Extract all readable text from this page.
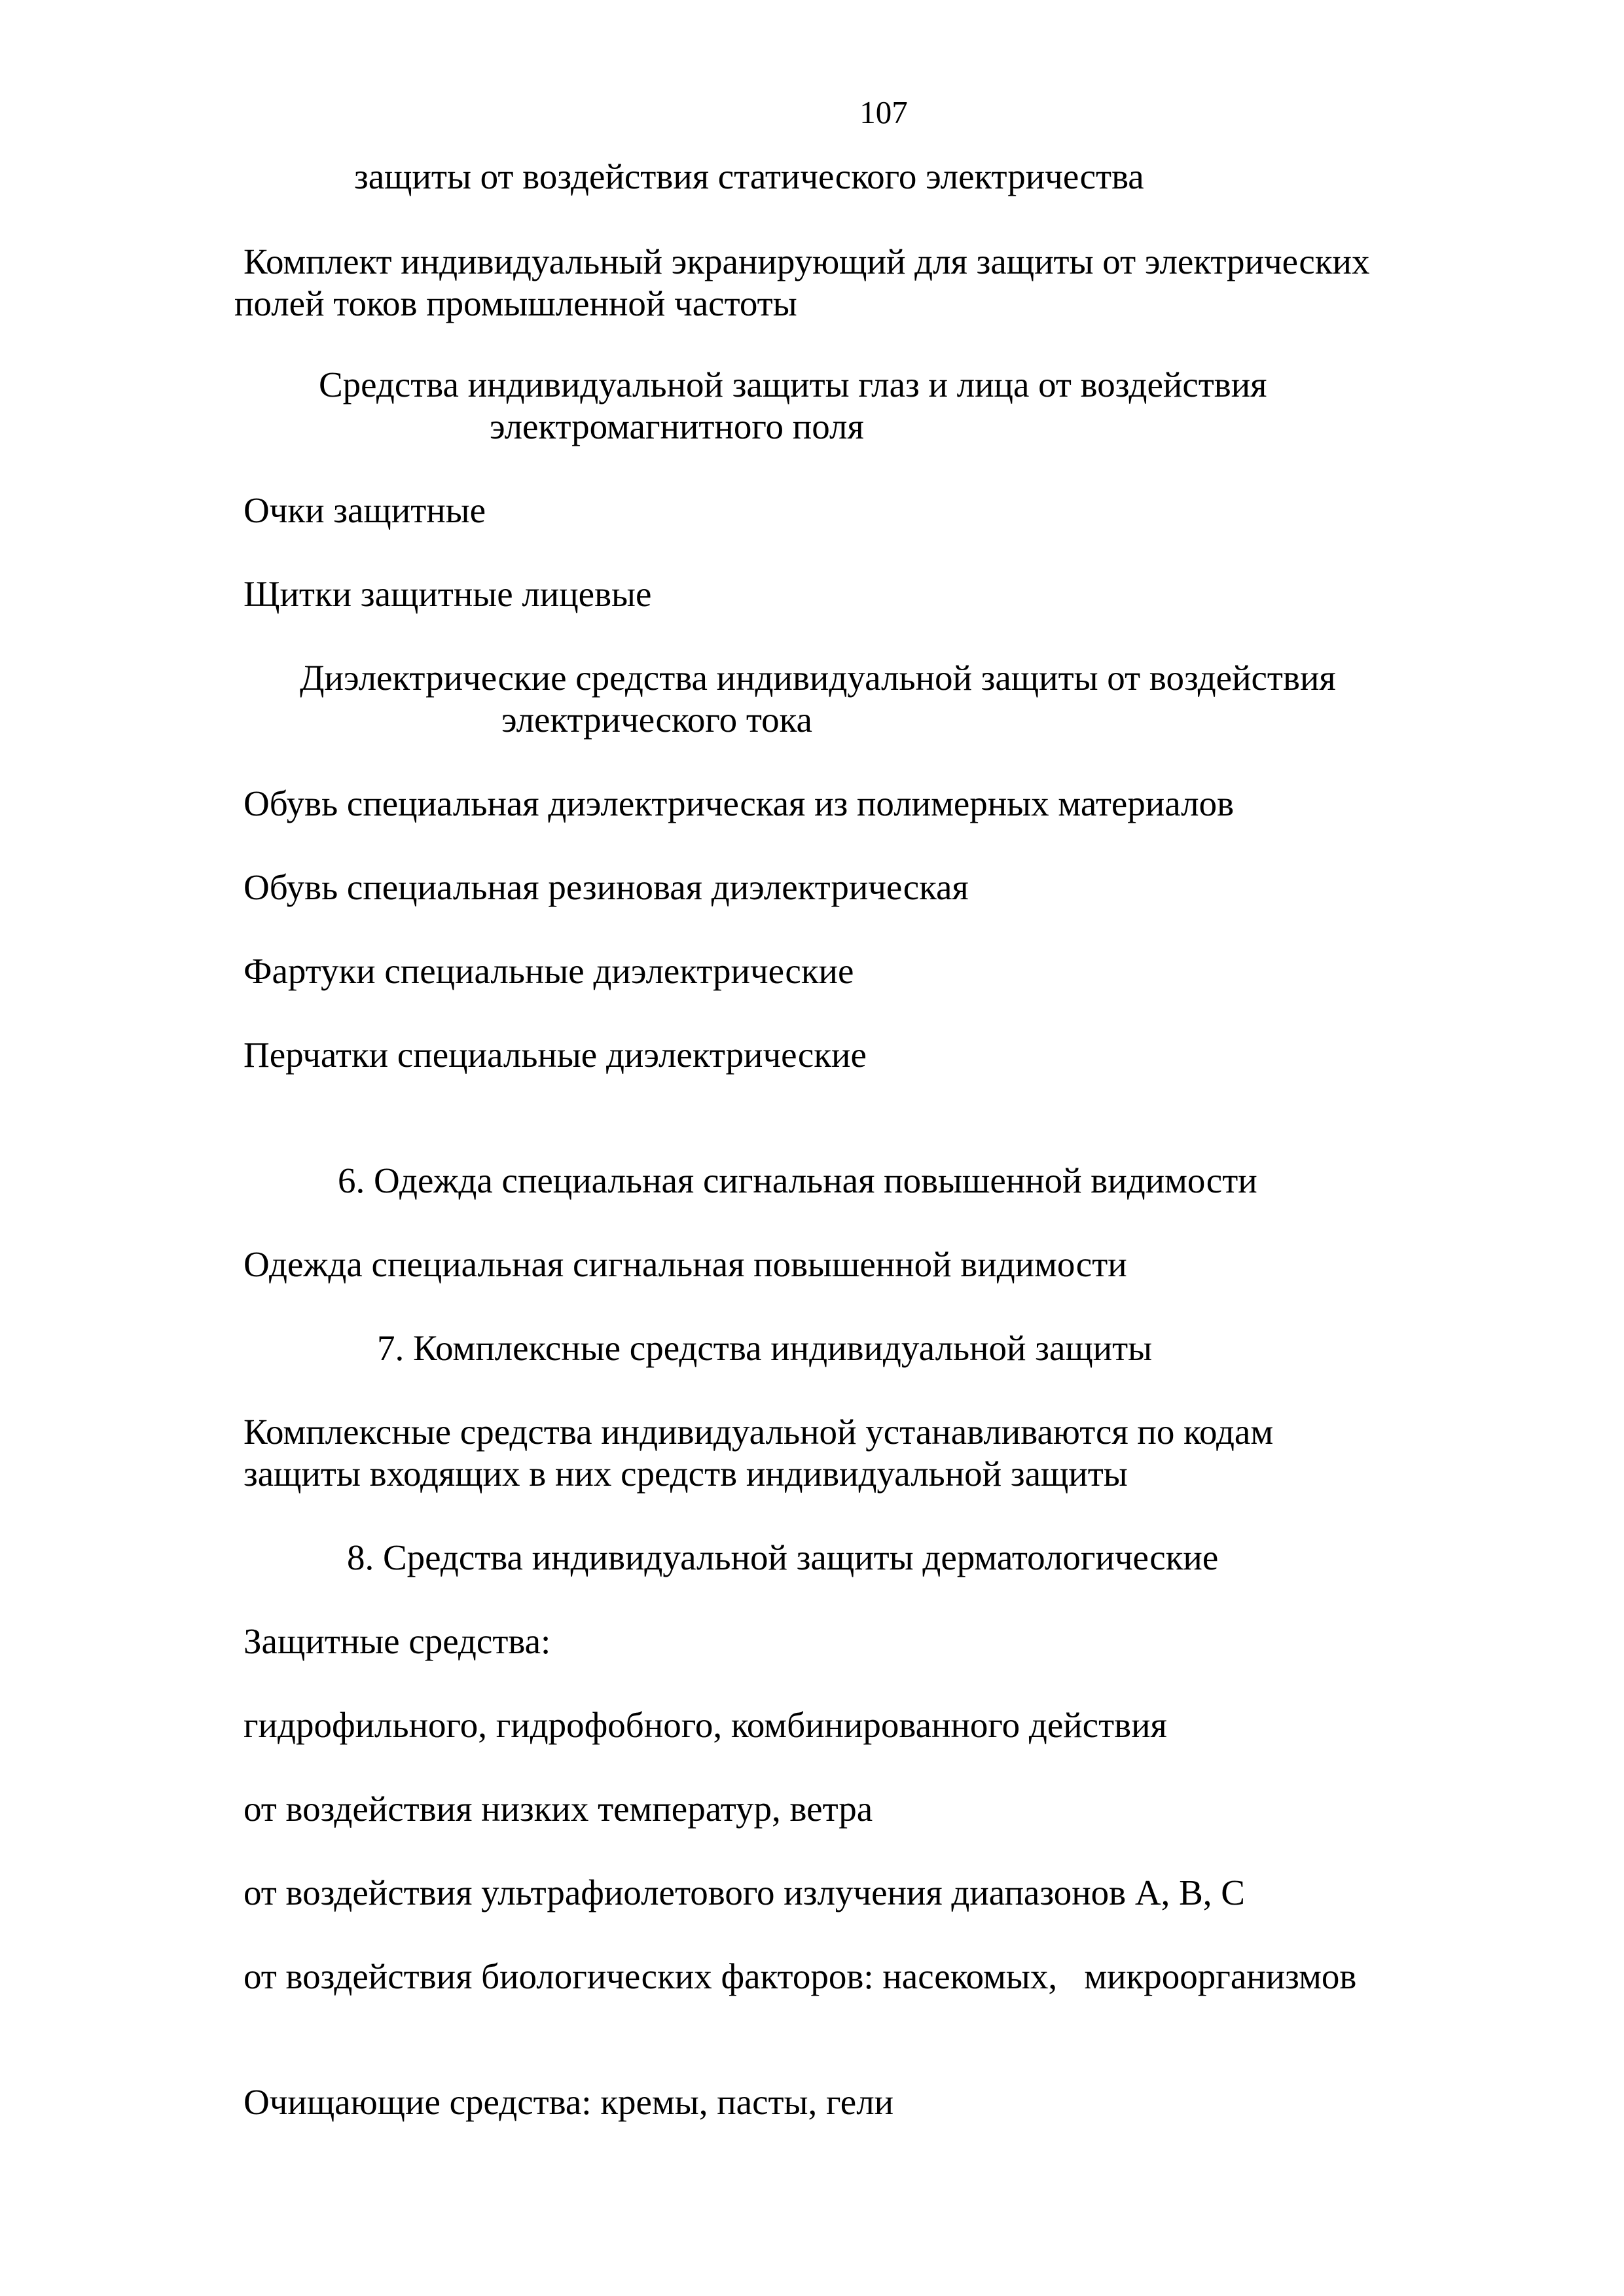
107

защиты от воздействия статического электричества

Комплект индивидуальный экранирующий для защиты от электрических

полей токов промышленной частоты

Средства индивидуальной защиты глаз и лица от воздействия

электромагнитного поля

Очки защитные

Щитки защитные лицевые

Диэлектрические средства индивидуальной защиты от воздействия

электрического тока

Обувь специальная диэлектрическая из полимерных материалов

Обувь специальная резиновая диэлектрическая

Фартуки специальные диэлектрические

Перчатки специальные диэлектрические

6. Одежда специальная сигнальная повышенной видимости

Одежда специальная сигнальная повышенной видимости

7. Комплексные средства индивидуальной защиты

Комплексные средства индивидуальной устанавливаются по кодам

защиты входящих в них средств индивидуальной защиты

8. Средства индивидуальной защиты дерматологические

Защитные средства:

гидрофильного, гидрофобного, комбинированного действия

от воздействия низких температур, ветра

от воздействия ультрафиолетового излучения диапазонов А, В, С

от воздействия биологических факторов: насекомых,   микроорганизмов

Очищающие средства: кремы, пасты, гели
